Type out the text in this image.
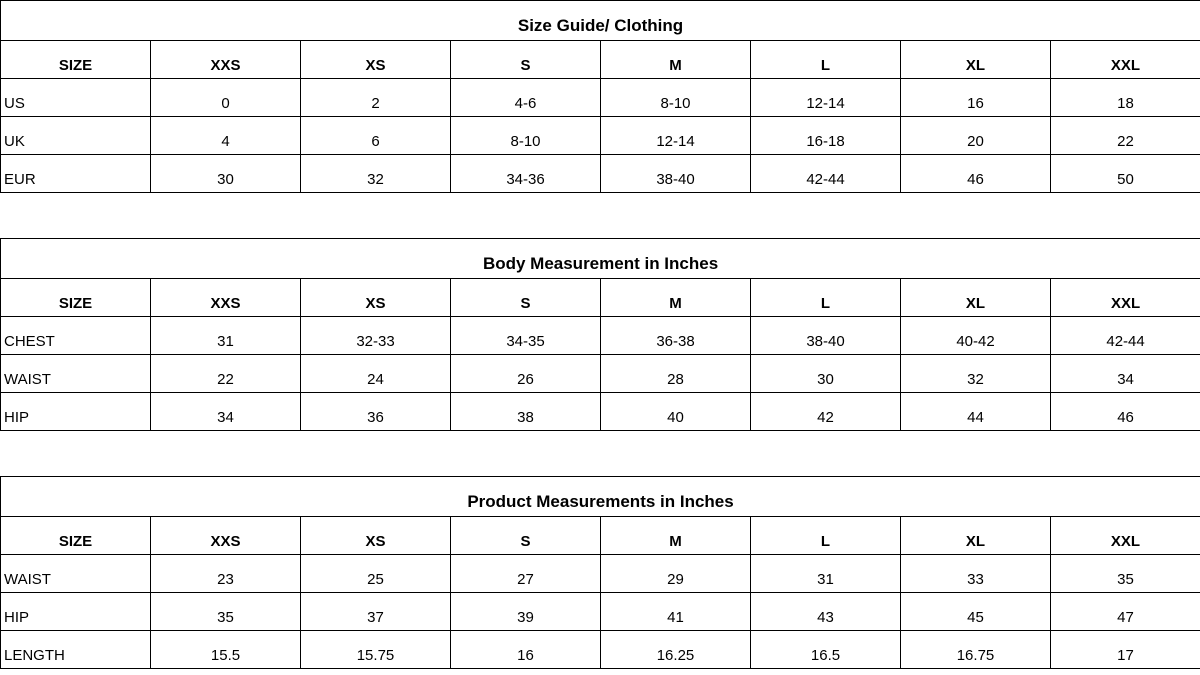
Size Guide/ Clothing							
SIZE	XXS	XS	S	M	L	XL	XXL
US	0	2	4-6	8-10	12-14	16	18
UK	4	6	8-10	12-14	16-18	20	22
EUR	30	32	34-36	38-40	42-44	46	50
Body Measurement in Inches							
SIZE	XXS	XS	S	M	L	XL	XXL
CHEST	31	32-33	34-35	36-38	38-40	40-42	42-44
WAIST	22	24	26	28	30	32	34
HIP	34	36	38	40	42	44	46
Product Measurements in Inches							
SIZE	XXS	XS	S	M	L	XL	XXL
WAIST	23	25	27	29	31	33	35
HIP	35	37	39	41	43	45	47
LENGTH	15.5	15.75	16	16.25	16.5	16.75	17
